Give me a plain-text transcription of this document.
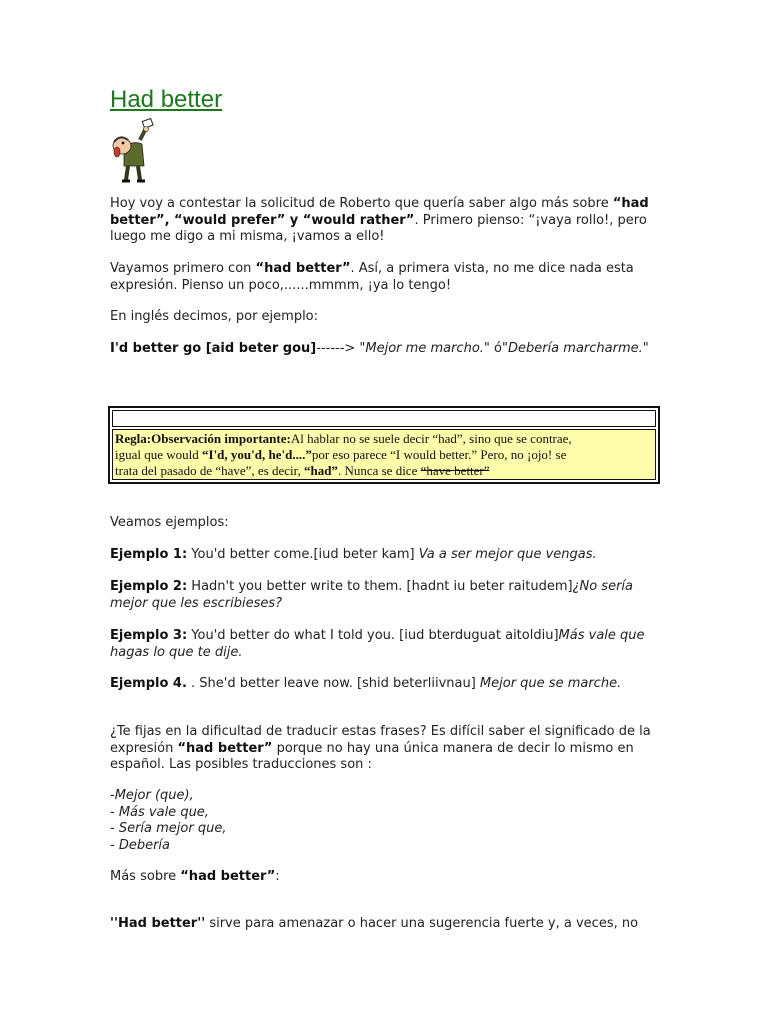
Had better

Hoy voy a contestar la solicitud de Roberto que quería saber algo más sobre “had better”, “would prefer” y “would rather”. Primero pienso: “¡vaya rollo!, pero luego me digo a mi misma, ¡vamos a ello!

Vayamos primero con “had better”. Así, a primera vista, no me dice nada esta expresión. Pienso un poco,......mmmm, ¡ya lo tengo!

En inglés decimos, por ejemplo:

I'd better go [aid beter gou]------> "Mejor me marcho." ó"Debería marcharme."

Veamos ejemplos:

Ejemplo 1: You'd better come.[iud beter kam] Va a ser mejor que vengas.

Ejemplo 2: Hadn't you better write to them. [hadnt iu beter raitudem]¿No sería mejor que les escribieses?

Ejemplo 3: You'd better do what I told you. [iud bterduguat aitoldiu]Más vale que hagas lo que te dije.

Ejemplo 4. . She'd better leave now. [shid beterliivnau] Mejor que se marche.

¿Te fijas en la dificultad de traducir estas frases? Es difícil saber el significado de la expresión “had better” porque no hay una única manera de decir lo mismo en español. Las posibles traducciones son :

-Mejor (que),
- Más vale que,
- Sería mejor que,
- Debería

Más sobre “had better”:

''Had better'' sirve para amenazar o hacer una sugerencia fuerte y, a veces, no

Regla:Observación importante:Al hablar no se suele decir “had”, sino que se contrae,
igual que would “I'd, you'd, he'd....”por eso parece “I would better.” Pero, no ¡ojo! se
trata del pasado de “have”, es decir, “had”. Nunca se dice “have better”
